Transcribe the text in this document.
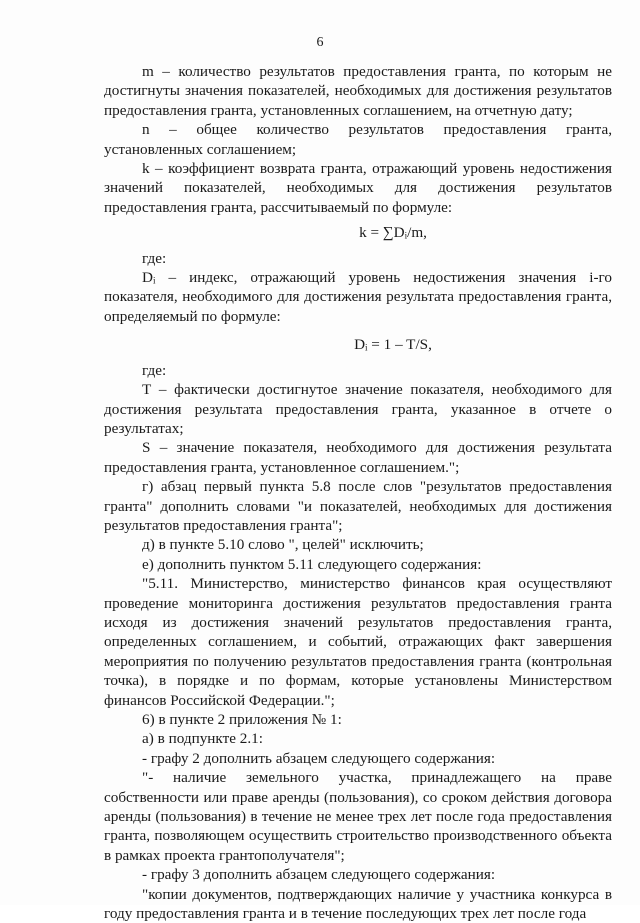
6

m – количество результатов предоставления гранта, по которым не достигнуты значения показателей, необходимых для достижения результатов предоставления гранта, установленных соглашением, на отчетную дату;

n – общее количество результатов предоставления гранта, установленных соглашением;

k – коэффициент возврата гранта, отражающий уровень недостижения значений показателей, необходимых для достижения результатов предоставления гранта, рассчитываемый по формуле:

k = ∑Dᵢ/m,

где:

Dᵢ – индекс, отражающий уровень недостижения значения i-го показателя, необходимого для достижения результата предоставления гранта, определяемый по формуле:

Dᵢ = 1 – T/S,

где:

Т – фактически достигнутое значение показателя, необходимого для достижения результата предоставления гранта, указанное в отчете о результатах;

S – значение показателя, необходимого для достижения результата предоставления гранта, установленное соглашением.";

г) абзац первый пункта 5.8 после слов "результатов предоставления гранта" дополнить словами "и показателей, необходимых для достижения результатов предоставления гранта";

д) в пункте 5.10 слово ", целей" исключить;

е) дополнить пунктом 5.11 следующего содержания:

"5.11. Министерство, министерство финансов края осуществляют проведение мониторинга достижения результатов предоставления гранта исходя из достижения значений результатов предоставления гранта, определенных соглашением, и событий, отражающих факт завершения мероприятия по получению результатов предоставления гранта (контрольная точка), в порядке и по формам, которые установлены Министерством финансов Российской Федерации.";

6) в пункте 2 приложения № 1:

а) в подпункте 2.1:

- графу 2 дополнить абзацем следующего содержания:

"- наличие земельного участка, принадлежащего на праве собственности или праве аренды (пользования), со сроком действия договора аренды (пользования) в течение не менее трех лет после года предоставления гранта, позволяющем осуществить строительство производственного объекта в рамках проекта грантополучателя";

- графу 3 дополнить абзацем следующего содержания:

"копии документов, подтверждающих наличие у участника конкурса в году предоставления гранта и в течение последующих трех лет после года
